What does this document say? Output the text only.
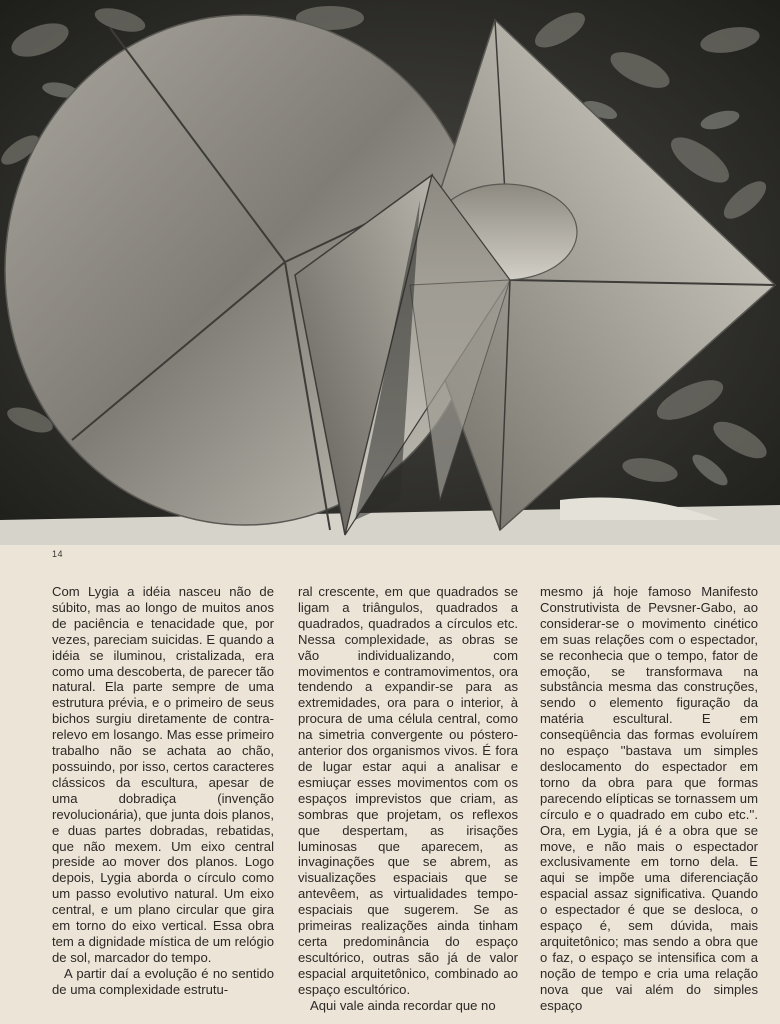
14

Com Lygia a idéia nasceu não de súbito, mas ao longo de muitos anos de paciência e tenacidade que, por vezes, pareciam suicidas. E quando a idéia se iluminou, cristalizada, era como uma descoberta, de parecer tão natural. Ela parte sempre de uma estrutura prévia, e o primeiro de seus bichos surgiu diretamente de contra-relevo em losango. Mas esse primeiro trabalho não se achata ao chão, possuindo, por isso, certos caracteres clássicos da escultura, apesar de uma dobradiça (invenção revolucionária), que junta dois planos, e duas partes dobradas, rebatidas, que não mexem. Um eixo central preside ao mover dos planos. Logo depois, Lygia aborda o círculo como um passo evolutivo natural. Um eixo central, e um plano circular que gira em torno do eixo vertical. Essa obra tem a dignidade mística de um relógio de sol, marcador do tempo.

A partir daí a evolução é no sentido de uma complexidade estrutu-

ral crescente, em que quadrados se ligam a triângulos, quadrados a quadrados, quadrados a círculos etc. Nessa complexidade, as obras se vão individualizando, com movimentos e contramovimentos, ora tendendo a expandir-se para as extremidades, ora para o interior, à procura de uma célula central, como na simetria convergente ou póstero-anterior dos organismos vivos. É fora de lugar estar aqui a analisar e esmiuçar esses movimentos com os espaços imprevistos que criam, as sombras que projetam, os reflexos que despertam, as irisações luminosas que aparecem, as invaginações que se abrem, as visualizações espaciais que se antevêem, as virtualidades tempo-espaciais que sugerem. Se as primeiras realizações ainda tinham certa predominância do espaço escultórico, outras são já de valor espacial arquitetônico, combinado ao espaço escultórico.

Aqui vale ainda recordar que no

mesmo já hoje famoso Manifesto Construtivista de Pevsner-Gabo, ao considerar-se o movimento cinético em suas relações com o espectador, se reconhecia que o tempo, fator de emoção, se transformava na substância mesma das construções, sendo o elemento figuração da matéria escultural. E em conseqüência das formas evoluírem no espaço ''bastava um simples deslocamento do espectador em torno da obra para que formas parecendo elípticas se tornassem um círculo e o quadrado em cubo etc.''. Ora, em Lygia, já é a obra que se move, e não mais o espectador exclusivamente em torno dela. E aqui se impõe uma diferenciação espacial assaz significativa. Quando o espectador é que se desloca, o espaço é, sem dúvida, mais arquitetônico; mas sendo a obra que o faz, o espaço se intensifica com a noção de tempo e cria uma relação nova que vai além do simples espaço
